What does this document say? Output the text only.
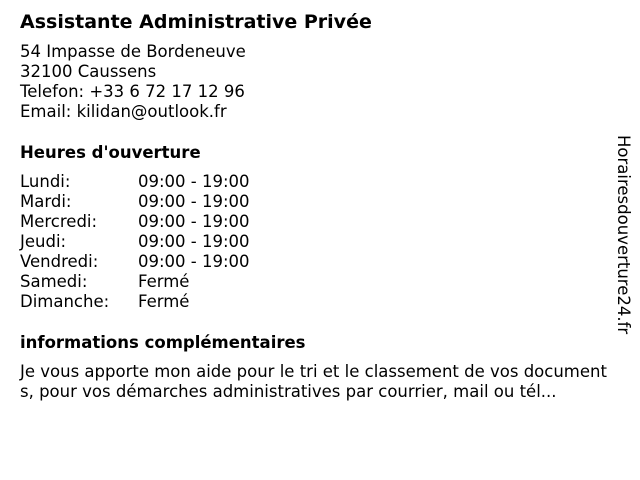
Assistante Administrative Privée
54 Impasse de Bordeneuve
32100 Caussens
Telefon: +33 6 72 17 12 96
Email: kilidan@outlook.fr
Heures d'ouverture
Lundi:	09:00 - 19:00
Mardi:	09:00 - 19:00
Mercredi:	09:00 - 19:00
Jeudi:	09:00 - 19:00
Vendredi:	09:00 - 19:00
Samedi:	Fermé
Dimanche:	Fermé
informations complémentaires
Je vous apporte mon aide pour le tri et le classement de vos documents, pour vos démarches administratives par courrier, mail ou tél...
Horairesdouverture24.fr
